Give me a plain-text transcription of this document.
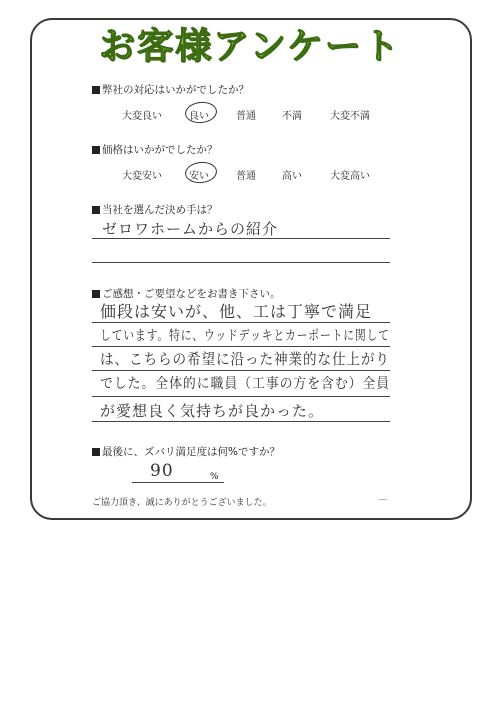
お客様アンケート
弊社の対応はいかがでしたか？
大変良い	良い	普通	不満	大変不満
価格はいかがでしたか？
大変安い	安い	普通	高い	大変高い
当社を選んだ決め手は？
ゼロワホームからの紹介
ご感想・ご要望などをお書き下さい。
価段は安いが、他、工は丁寧で満足
しています。特に、ウッドデッキとカーポートに関して
は、こちらの希望に沿った神業的な仕上がり
でした。全体的に職員（工事の方を含む）全員
が愛想良く気持ちが良かった。
最後に、ズバリ満足度は何%ですか？
90	%
ご協力頂き、誠にありがとうございました。	－
